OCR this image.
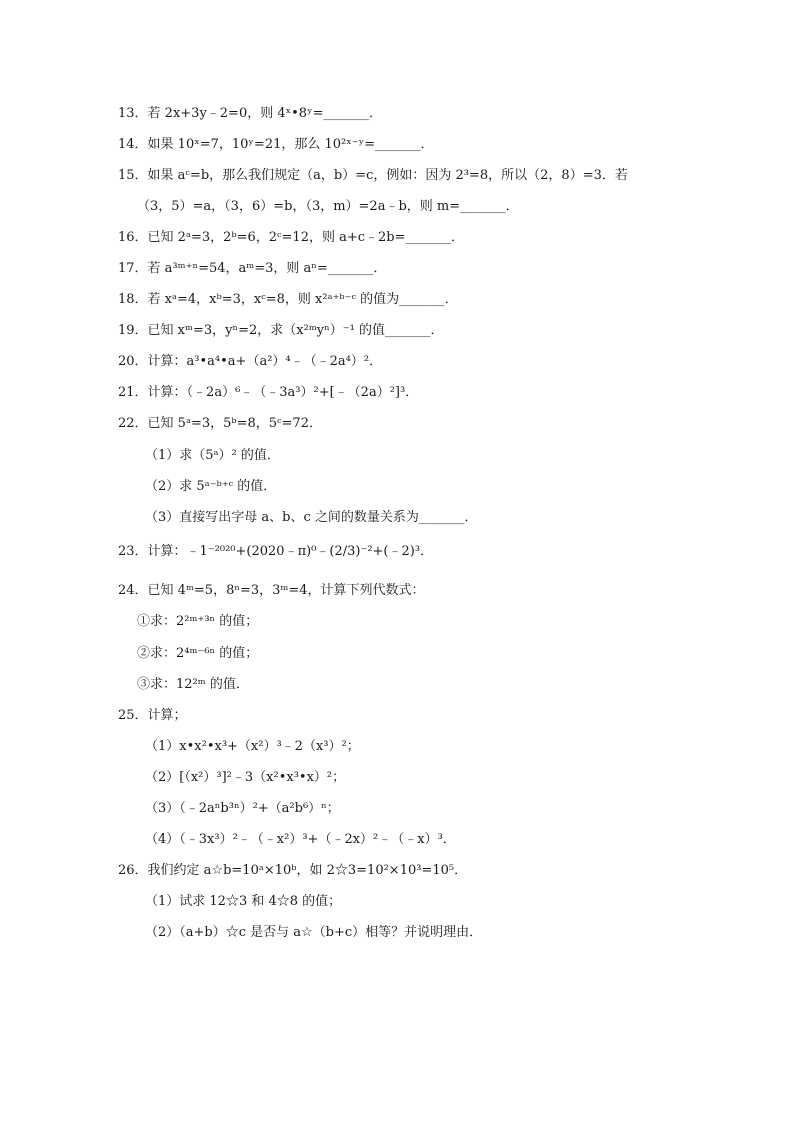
13．若 2x+3y﹣2=0，则 4ˣ•8ʸ=_______．
14．如果 10ˣ=7，10ʸ=21，那么 10²ˣ⁻ʸ=_______．
15．如果 aᶜ=b，那么我们规定（a，b）=c，例如：因为 2³=8，所以（2，8）=3．若
（3，5）=a，（3，6）=b，（3，m）=2a﹣b，则 m=_______．
16．已知 2ᵃ=3，2ᵇ=6，2ᶜ=12，则 a+c﹣2b=_______．
17．若 a³ᵐ⁺ⁿ=54，aᵐ=3，则 aⁿ=_______．
18．若 xᵃ=4，xᵇ=3，xᶜ=8，则 x²ᵃ⁺ᵇ⁻ᶜ 的值为_______．
19．已知 xᵐ=3，yⁿ=2，求（x²ᵐyⁿ）⁻¹ 的值_______．
20．计算：a³•a⁴•a+（a²）⁴﹣（﹣2a⁴）²．
21．计算：（﹣2a）⁶﹣（﹣3a³）²+[﹣（2a）²]³．
22．已知 5ᵃ=3，5ᵇ=8，5ᶜ=72．
（1）求（5ᵃ）² 的值．
（2）求 5ᵃ⁻ᵇ⁺ᶜ 的值．
（3）直接写出字母 a、b、c 之间的数量关系为_______．
23．计算：﹣1⁻²⁰²⁰+(2020﹣π)⁰﹣(2/3)⁻²+(﹣2)³．
24．已知 4ᵐ=5，8ⁿ=3，3ᵐ=4，计算下列代数式：
①求：2²ᵐ⁺³ⁿ 的值；
②求：2⁴ᵐ⁻⁶ⁿ 的值；
③求：12²ᵐ 的值．
25．计算；
（1）x•x²•x³+（x²）³﹣2（x³）²；
（2）[（x²）³]²﹣3（x²•x³•x）²；
（3）（﹣2aⁿb³ⁿ）²+（a²b⁶）ⁿ；
（4）（﹣3x³）²﹣（﹣x²）³+（﹣2x）²﹣（﹣x）³．
26．我们约定 a☆b=10ᵃ×10ᵇ，如 2☆3=10²×10³=10⁵．
（1）试求 12☆3 和 4☆8 的值；
（2）（a+b）☆c 是否与 a☆（b+c）相等？并说明理由．
